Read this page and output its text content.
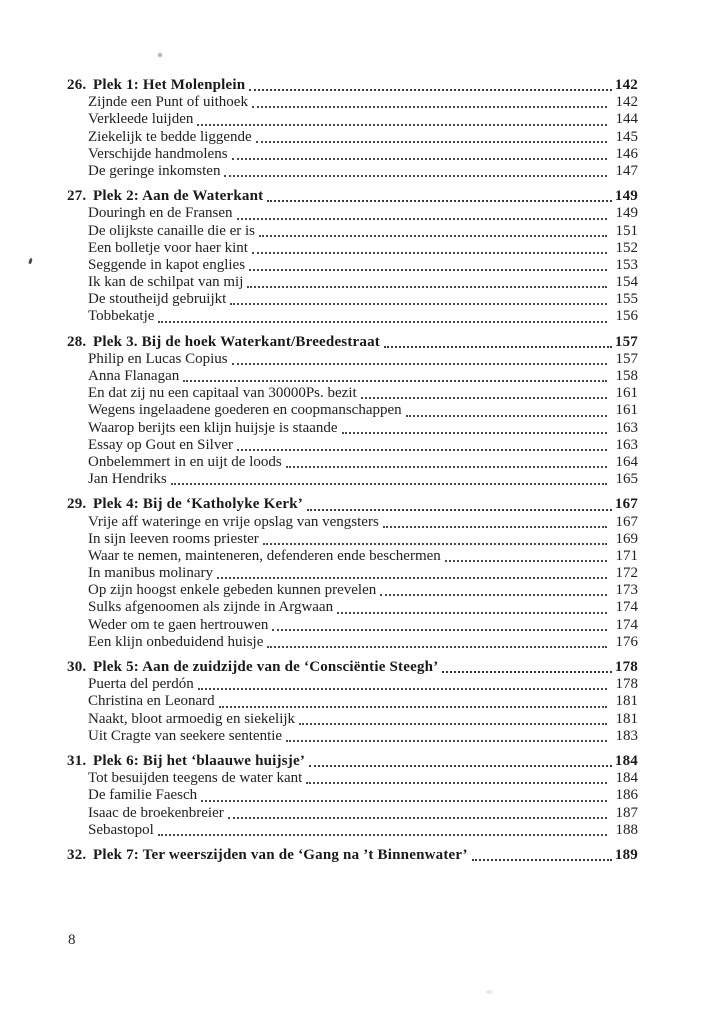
26. Plek 1: Het Molenplein	142
Zijnde een Punt of uithoek	142
Verkleede luijden	144
Ziekelijk te bedde liggende	145
Verschijde handmolens	146
De geringe inkomsten	147
27. Plek 2: Aan de Waterkant	149
Douringh en de Fransen	149
De olijkste canaille die er is	151
Een bolletje voor haer kint	152
Seggende in kapot englies	153
Ik kan de schilpat van mij	154
De stoutheijd gebruijkt	155
Tobbekatje	156
28. Plek 3. Bij de hoek Waterkant/Breedestraat	157
Philip en Lucas Copius	157
Anna Flanagan	158
En dat zij nu een capitaal van 30000Ps. bezit	161
Wegens ingelaadene goederen en coopmanschappen	161
Waarop berijts een klijn huijsje is staande	163
Essay op Gout en Silver	163
Onbelemmert in en uijt de loods	164
Jan Hendriks	165
29. Plek 4: Bij de ‘Katholyke Kerk’	167
Vrije aff wateringe en vrije opslag van vengsters	167
In sijn leeven rooms priester	169
Waar te nemen, mainteneren, defenderen ende beschermen	171
In manibus molinary	172
Op zijn hoogst enkele gebeden kunnen prevelen	173
Sulks afgenoomen als zijnde in Argwaan	174
Weder om te gaen hertrouwen	174
Een klijn onbeduidend huisje	176
30. Plek 5: Aan de zuidzijde van de ‘Consciëntie Steegh’	178
Puerta del perdón	178
Christina en Leonard	181
Naakt, bloot armoedig en siekelijk	181
Uit Cragte van seekere sententie	183
31. Plek 6: Bij het ‘blaauwe huijsje’	184
Tot besuijden teegens de water kant	184
De familie Faesch	186
Isaac de broekenbreier	187
Sebastopol	188
32. Plek 7: Ter weerszijden van de ‘Gang na ’t Binnenwater’	189
8
